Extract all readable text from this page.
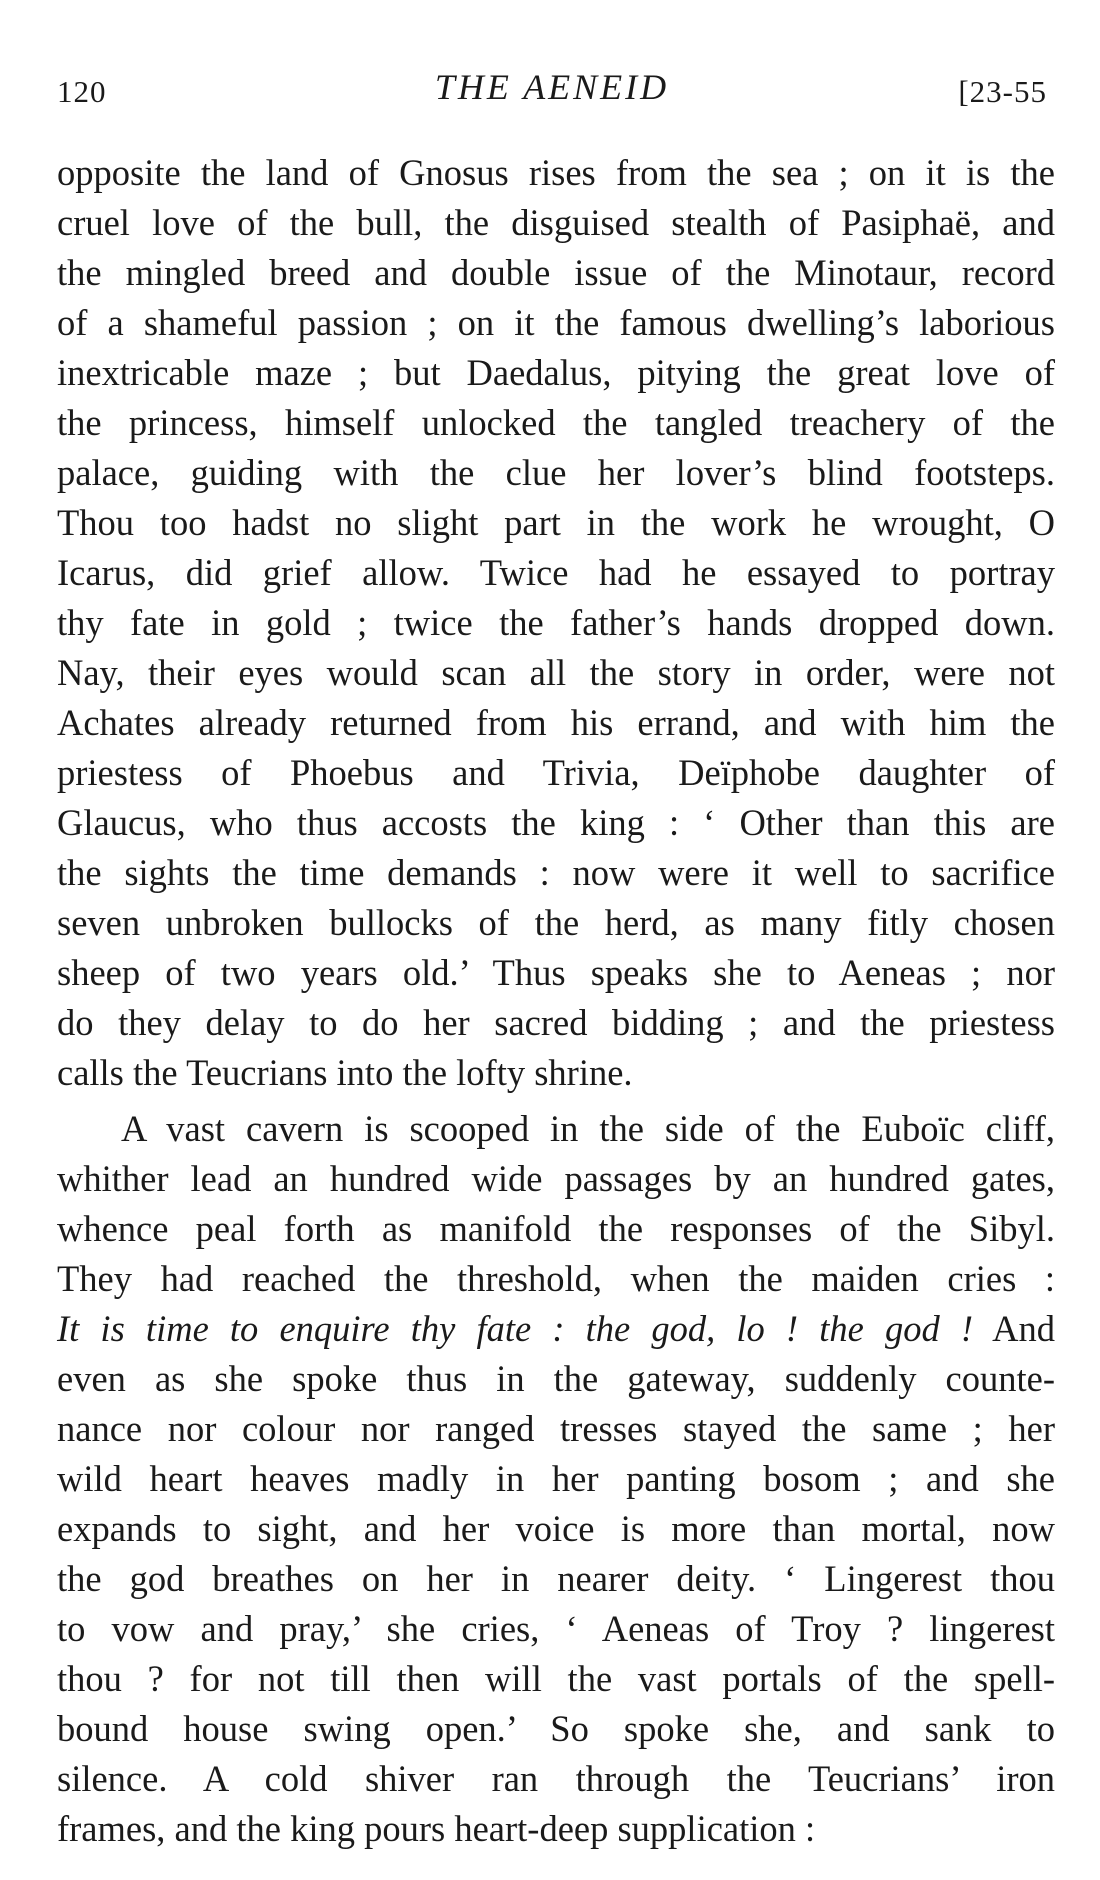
120	THE AENEID	[23-55
opposite the land of Gnosus rises from the sea ; on it is the
cruel love of the bull, the disguised stealth of Pasiphaë, and
the mingled breed and double issue of the Minotaur, record
of a shameful passion ; on it the famous dwelling’s laborious
inextricable maze ; but Daedalus, pitying the great love of
the princess, himself unlocked the tangled treachery of the
palace, guiding with the clue her lover’s blind footsteps.
Thou too hadst no slight part in the work he wrought, O
Icarus, did grief allow. Twice had he essayed to portray
thy fate in gold ; twice the father’s hands dropped down.
Nay, their eyes would scan all the story in order, were not
Achates already returned from his errand, and with him the
priestess of Phoebus and Trivia, Deïphobe daughter of
Glaucus, who thus accosts the king : ‘ Other than this are
the sights the time demands : now were it well to sacrifice
seven unbroken bullocks of the herd, as many fitly chosen
sheep of two years old.’ Thus speaks she to Aeneas ; nor
do they delay to do her sacred bidding ; and the priestess
calls the Teucrians into the lofty shrine.
A vast cavern is scooped in the side of the Euboïc cliff,
whither lead an hundred wide passages by an hundred gates,
whence peal forth as manifold the responses of the Sibyl.
They had reached the threshold, when the maiden cries :
It is time to enquire thy fate : the god, lo ! the god ! And
even as she spoke thus in the gateway, suddenly counte-
nance nor colour nor ranged tresses stayed the same ; her
wild heart heaves madly in her panting bosom ; and she
expands to sight, and her voice is more than mortal, now
the god breathes on her in nearer deity. ‘ Lingerest thou
to vow and pray,’ she cries, ‘ Aeneas of Troy ? lingerest
thou ? for not till then will the vast portals of the spell-
bound house swing open.’ So spoke she, and sank to
silence. A cold shiver ran through the Teucrians’ iron
frames, and the king pours heart-deep supplication :
